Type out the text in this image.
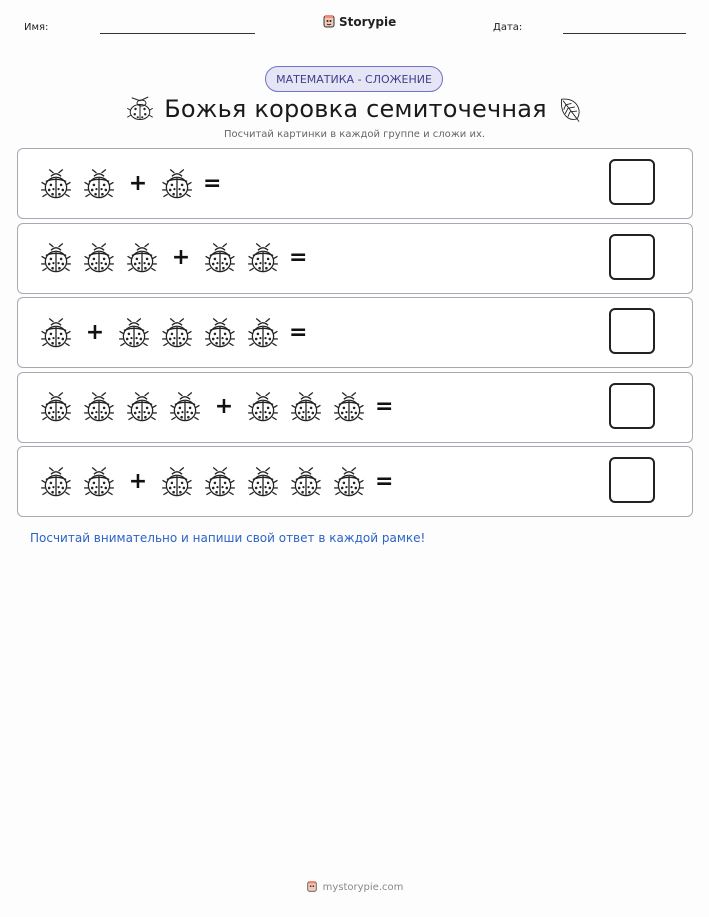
Имя:	Storypie	Дата:
МАТЕМАТИКА - СЛОЖЕНИЕ
Божья коровка семиточечная
Посчитай картинки в каждой группе и сложи их.
+	=
+	=
+	=
+	=
+	=
Посчитай внимательно и напиши свой ответ в каждой рамке!
mystorypie.com
